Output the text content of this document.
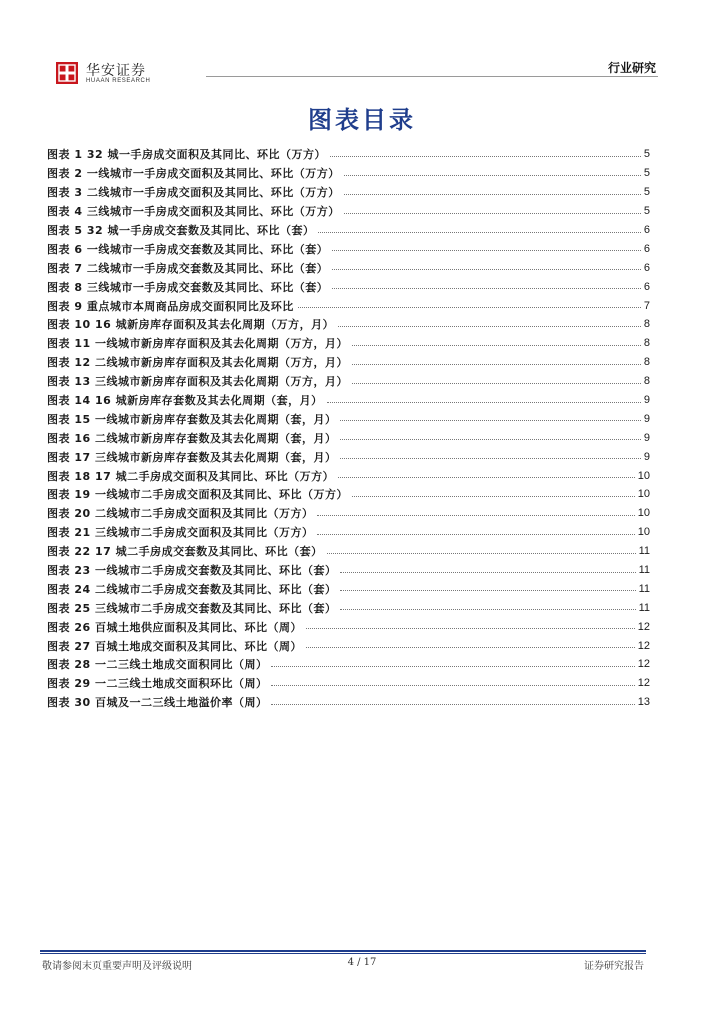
华安证券
HUAAN RESEARCH
行业研究
图表目录
图表 1 32 城一手房成交面积及其同比、环比（万方）	5
图表 2 一线城市一手房成交面积及其同比、环比（万方）	5
图表 3 二线城市一手房成交面积及其同比、环比（万方）	5
图表 4 三线城市一手房成交面积及其同比、环比（万方）	5
图表 5 32 城一手房成交套数及其同比、环比（套）	6
图表 6 一线城市一手房成交套数及其同比、环比（套）	6
图表 7 二线城市一手房成交套数及其同比、环比（套）	6
图表 8 三线城市一手房成交套数及其同比、环比（套）	6
图表 9 重点城市本周商品房成交面积同比及环比	7
图表 10 16 城新房库存面积及其去化周期（万方，月）	8
图表 11 一线城市新房库存面积及其去化周期（万方，月）	8
图表 12 二线城市新房库存面积及其去化周期（万方，月）	8
图表 13 三线城市新房库存面积及其去化周期（万方，月）	8
图表 14 16 城新房库存套数及其去化周期（套，月）	9
图表 15 一线城市新房库存套数及其去化周期（套，月）	9
图表 16 二线城市新房库存套数及其去化周期（套，月）	9
图表 17 三线城市新房库存套数及其去化周期（套，月）	9
图表 18 17 城二手房成交面积及其同比、环比（万方）	10
图表 19 一线城市二手房成交面积及其同比、环比（万方）	10
图表 20 二线城市二手房成交面积及其同比（万方）	10
图表 21 三线城市二手房成交面积及其同比（万方）	10
图表 22 17 城二手房成交套数及其同比、环比（套）	11
图表 23 一线城市二手房成交套数及其同比、环比（套）	11
图表 24 二线城市二手房成交套数及其同比、环比（套）	11
图表 25 三线城市二手房成交套数及其同比、环比（套）	11
图表 26 百城土地供应面积及其同比、环比（周）	12
图表 27 百城土地成交面积及其同比、环比（周）	12
图表 28 一二三线土地成交面积同比（周）	12
图表 29 一二三线土地成交面积环比（周）	12
图表 30 百城及一二三线土地溢价率（周）	13
敬请参阅末页重要声明及评级说明	4 / 17	证券研究报告
